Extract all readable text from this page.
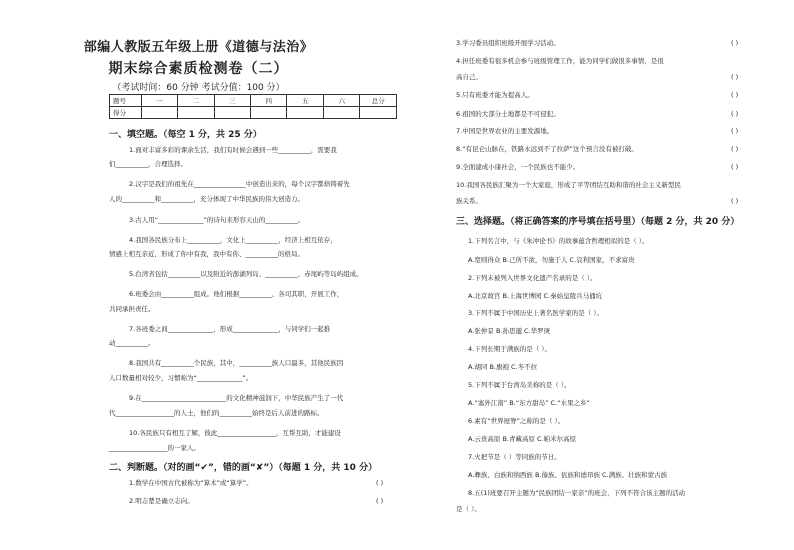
部编人教版五年级上册《道德与法治》
期末综合素质检测卷（二）
（考试时间：60 分钟 考试分值：100 分）
题号	一	二	三	四	五	六	总分
得分							
一、填空题。（每空 1 分，共 25 分）
1.面对丰富多彩的课余生活，我们有时候会遇到一些__________，需要我
们__________，合理选择。
2.汉字是我们的祖先在________________中创造出来的，每个汉字都焙铸着先
人的__________和__________，充分体现了中华民族的伟大创造力。
3.古人用“______________”的诗句来形容天山的__________。
4.我国各民族分布上__________，文化上__________，经济上相互依存，
情感上相互亲近，形成了你中有我，我中有你、__________的格局。
5.台湾省包括__________以及附近的澎湖列岛、__________、赤尾屿等岛屿组成。
6.班委会由__________组成。他们根据__________、各司其职，开展工作，
共同承担责任。
7.各班委之间______________，形成______________，与同学们一起推
动__________。
8.我国共有__________个民族，其中，__________族人口最多，其他民族因
人口数量相对较少，习惯称为“______________”。
9.在__________________________的文化精神滋润下，中华民族产生了一代
代__________________的人士，他们的__________始终是后人前进的路标。
10.各民族只有相互了解，彼此__________________，互帮互助，才能建设
__________________的一家人。
二、判断题。（对的画“✔”，错的画“✘”）（每题 1 分，共 10 分）
1.数学在中国古代被称为“算术”或“算学”。	( )
2.明志楚是确立志向。	( )
3.学习委员组织班级开展学习活动。	( )
4.担任班委有很多机会参与班级管理工作，能为同学们做很多事情，是很
高自己。	( )
5.只有班委才能为提高人。	( )
6.祖国的大部分土地都是不可侵犯。	( )
7.中国是世界农业的主要发源地。	( )
8.“有昆仑山脉在，铁路永远到不了拉萨”这个预言没有被打破。	( )
9.全面建成小康社会，一个民族也不能少。	( )
10.我国各民族汇聚为一个大家庭，形成了平等团结互助和谐的社会主义新型民
族关系。	( )
三、选择题。（将正确答案的序号填在括号里）（每题 2 分，共 20 分）
1.下列名言中，与《朱冲论书》的故事蕴含哲理相似的是（ ）。
A.宽则得众 B.己所不欲，勿施于人 C.哀利国家，不求富贵
2.下列未被列入世界文化遗产名录的是（ ）。
A.北京故宫 B.上海世博园 C.秦始皇陵兵马俑坑
3.下列不属于中国历史上著名医学家的是（ ）。
A.张仲景 B.孙思邈 C.华罗庚
4.下列长期于满族的是（ ）。
A.胡同 B.旗袍 C.冬不拉
5.下列不属于台湾岛美称的是（ ）。
A.“塞外江南” B.“东方甜岛” C.“水果之乡”
6.素有“世界屋脊”之称的是（ ）。
A.云贵高原 B.青藏高原 C.帕米尔高原
7.火把节是（ ）等同族的节日。
A.彝族、白族和纳西族 B.傣族、佤族和德昂族 C.满族、壮族和蒙古族
8.五(1)班要召开主题为“民族团结一家亲”的班会，下列不符合该主题的活动
是（ ）。
